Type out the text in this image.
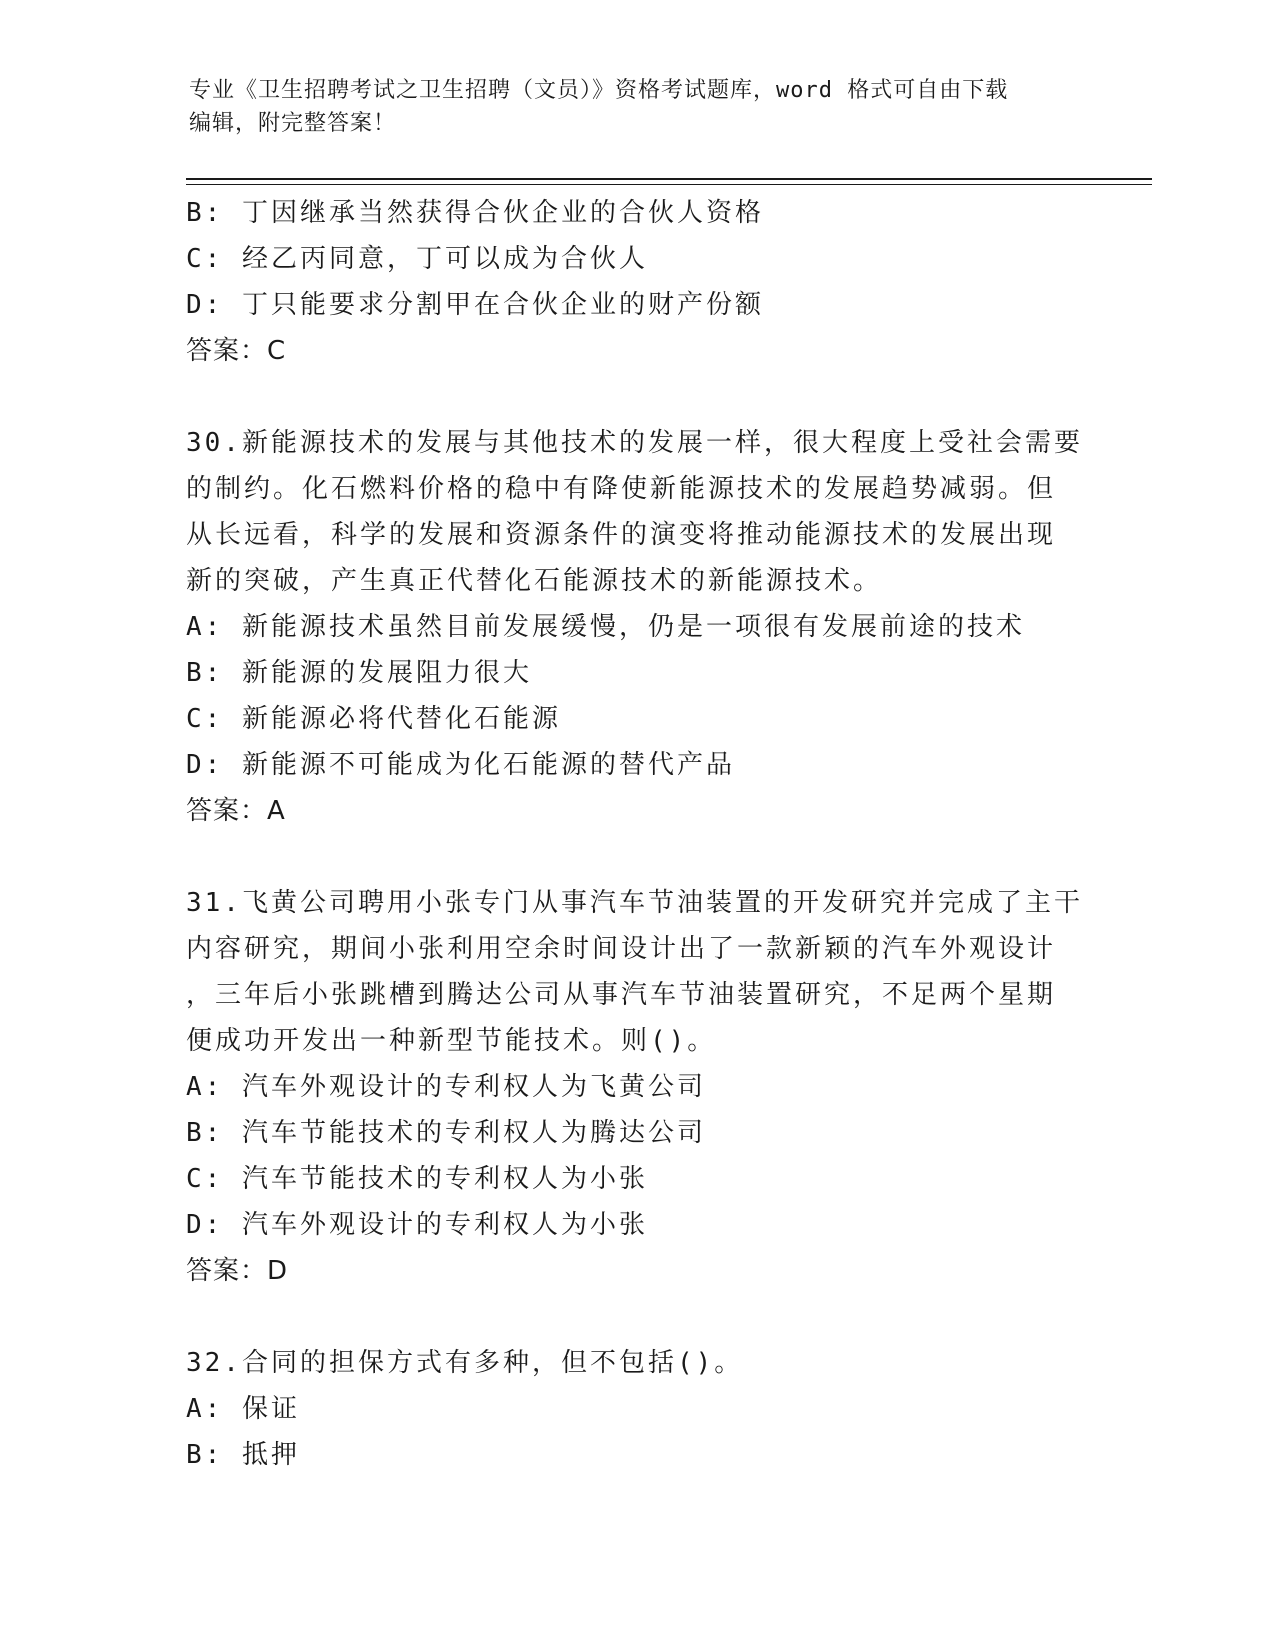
专业《卫生招聘考试之卫生招聘（文员）》资格考试题库，word 格式可自由下载
编辑，附完整答案！
B: 丁因继承当然获得合伙企业的合伙人资格
C: 经乙丙同意，丁可以成为合伙人
D: 丁只能要求分割甲在合伙企业的财产份额
答案：C
30.新能源技术的发展与其他技术的发展一样，很大程度上受社会需要
的制约。化石燃料价格的稳中有降使新能源技术的发展趋势减弱。但
从长远看，科学的发展和资源条件的演变将推动能源技术的发展出现
新的突破，产生真正代替化石能源技术的新能源技术。
A: 新能源技术虽然目前发展缓慢，仍是一项很有发展前途的技术
B: 新能源的发展阻力很大
C: 新能源必将代替化石能源
D: 新能源不可能成为化石能源的替代产品
答案：A
31.飞黄公司聘用小张专门从事汽车节油装置的开发研究并完成了主干
内容研究，期间小张利用空余时间设计出了一款新颖的汽车外观设计
，三年后小张跳槽到腾达公司从事汽车节油装置研究，不足两个星期
便成功开发出一种新型节能技术。则()。
A: 汽车外观设计的专利权人为飞黄公司
B: 汽车节能技术的专利权人为腾达公司
C: 汽车节能技术的专利权人为小张
D: 汽车外观设计的专利权人为小张
答案：D
32.合同的担保方式有多种，但不包括()。
A: 保证
B: 抵押
